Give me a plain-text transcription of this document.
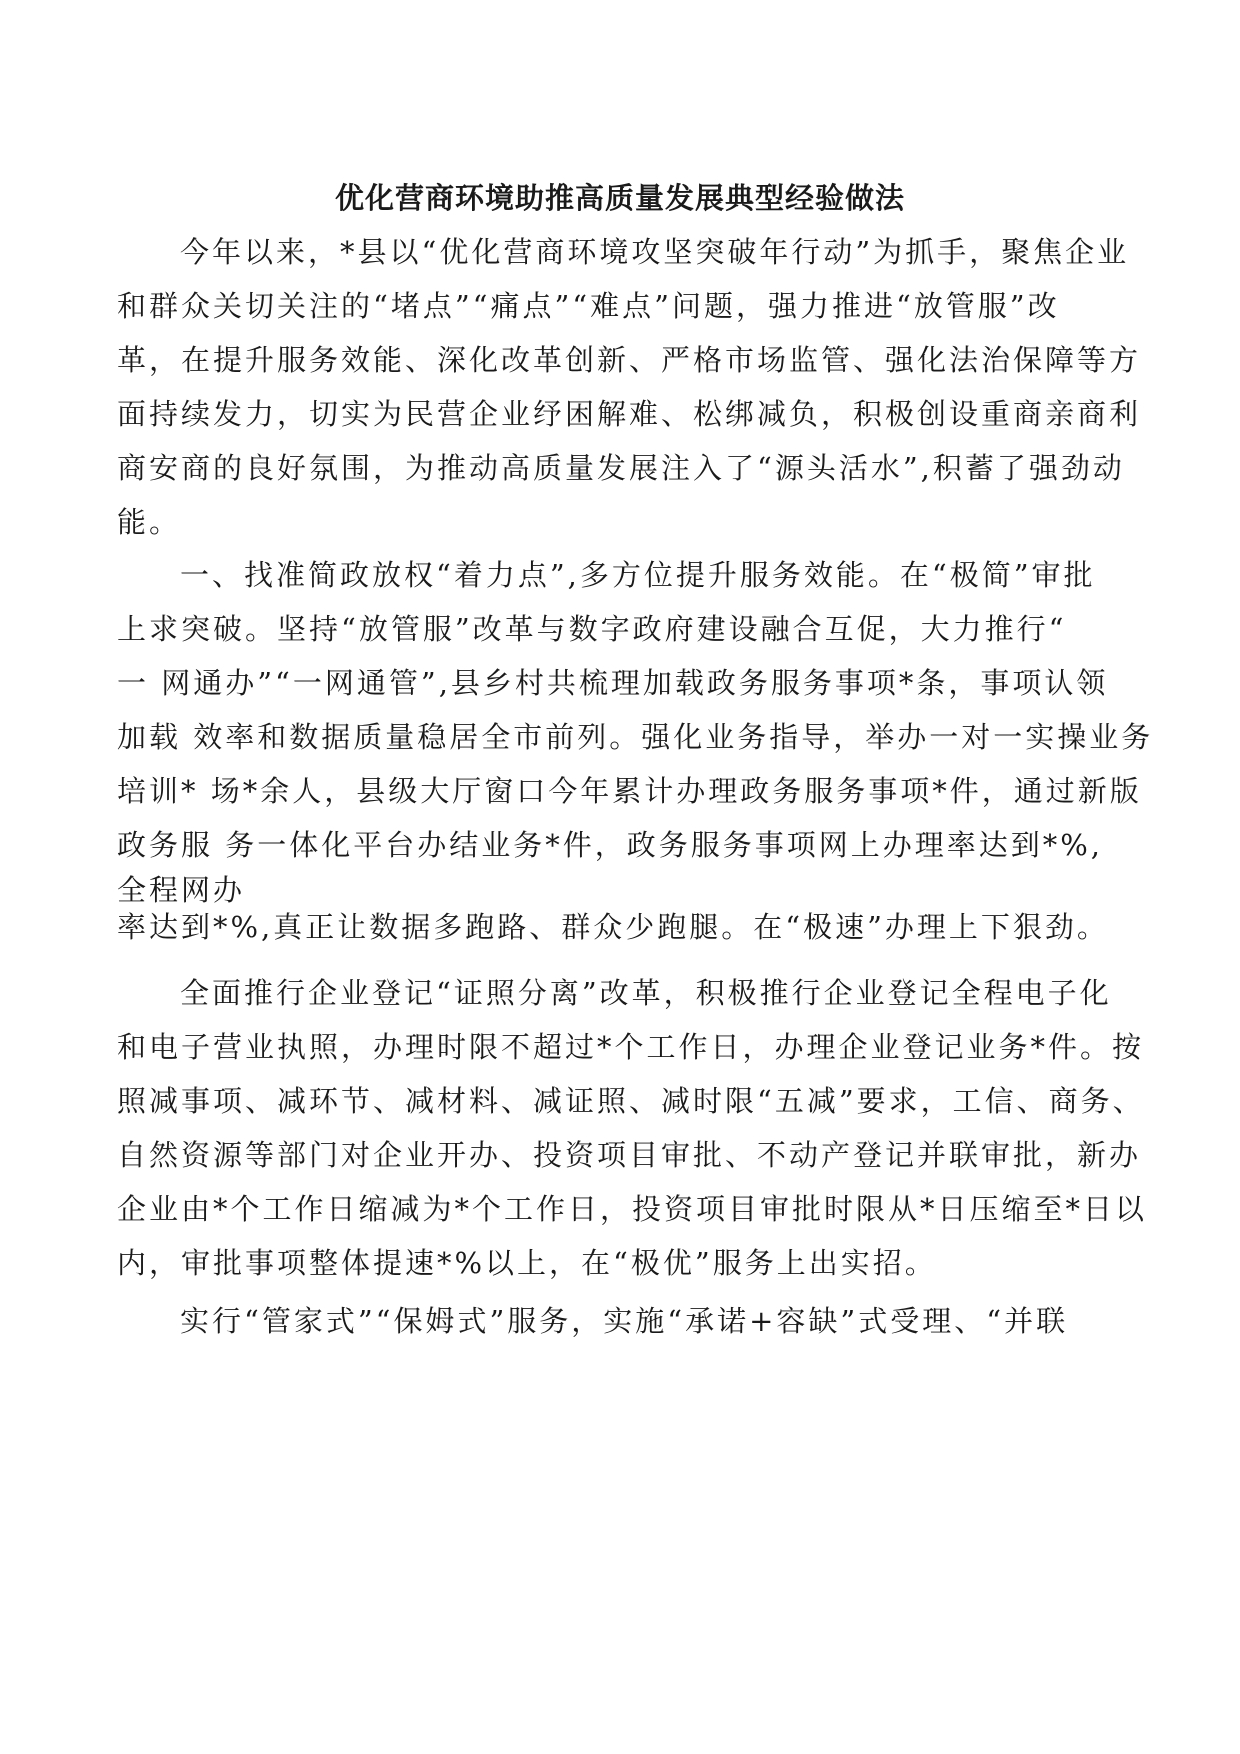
优化营商环境助推高质量发展典型经验做法
今年以来，*县以“优化营商环境攻坚突破年行动”为抓手，聚焦企业
和群众关切关注的“堵点”“痛点”“难点”问题，强力推进“放管服”改
革，在提升服务效能、深化改革创新、严格市场监管、强化法治保障等方
面持续发力，切实为民营企业纾困解难、松绑减负，积极创设重商亲商利
商安商的良好氛围，为推动高质量发展注入了“源头活水”,积蓄了强劲动
能。
一、找准简政放权“着力点”,多方位提升服务效能。在“极简”审批
上求突破。坚持“放管服”改革与数字政府建设融合互促，大力推行“
一 网通办”“一网通管”,县乡村共梳理加载政务服务事项*条，事项认领
加载 效率和数据质量稳居全市前列。强化业务指导，举办一对一实操业务
培训* 场*余人，县级大厅窗口今年累计办理政务服务事项*件，通过新版
政务服 务一体化平台办结业务*件，政务服务事项网上办理率达到*%,
全程网办
率达到*%,真正让数据多跑路、群众少跑腿。在“极速”办理上下狠劲。
全面推行企业登记“证照分离”改革，积极推行企业登记全程电子化
和电子营业执照，办理时限不超过*个工作日，办理企业登记业务*件。按
照减事项、减环节、减材料、减证照、减时限“五减”要求，工信、商务、
自然资源等部门对企业开办、投资项目审批、不动产登记并联审批，新办
企业由*个工作日缩减为*个工作日，投资项目审批时限从*日压缩至*日以
内，审批事项整体提速*%以上，在“极优”服务上出实招。
实行“管家式”“保姆式”服务，实施“承诺+容缺”式受理、“并联
